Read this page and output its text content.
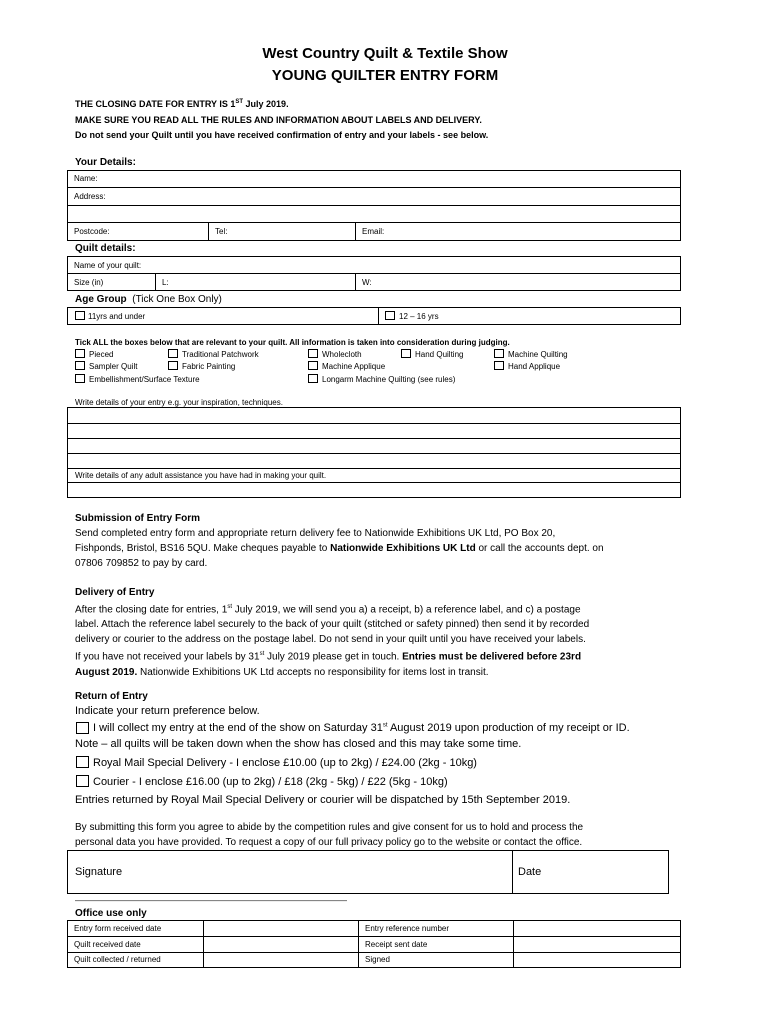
West Country Quilt & Textile Show
YOUNG QUILTER ENTRY FORM
THE CLOSING DATE FOR ENTRY IS 1ST July 2019.
MAKE SURE YOU READ ALL THE RULES AND INFORMATION ABOUT LABELS AND DELIVERY.
Do not send your Quilt until you have received confirmation of entry and your labels - see below.
Your Details:
Name:
Address:
Postcode:	Tel:	Email:
Quilt details:
Name of your quilt:
Size (in)	L:	W:
Age Group (Tick One Box Only)
11yrs and under	12 – 16 yrs
Tick ALL the boxes below that are relevant to your quilt. All information is taken into consideration during judging.
Pieced	Traditional Patchwork	Wholecloth	Hand Quilting	Machine Quilting
Sampler Quilt	Fabric Painting	Machine Applique	Hand Applique
Embellishment/Surface Texture	Longarm Machine Quilting (see rules)
Write details of your entry e.g. your inspiration, techniques.
Write details of any adult assistance you have had in making your quilt.
Submission of Entry Form
Send completed entry form and appropriate return delivery fee to Nationwide Exhibitions UK Ltd, PO Box 20,
Fishponds, Bristol, BS16 5QU. Make cheques payable to Nationwide Exhibitions UK Ltd or call the accounts dept. on
07806 709852 to pay by card.
Delivery of Entry
After the closing date for entries, 1st July 2019, we will send you a) a receipt, b) a reference label, and c) a postage
label. Attach the reference label securely to the back of your quilt (stitched or safety pinned) then send it by recorded
delivery or courier to the address on the postage label. Do not send in your quilt until you have received your labels.
If you have not received your labels by 31st July 2019 please get in touch. Entries must be delivered before 23rd
August 2019. Nationwide Exhibitions UK Ltd accepts no responsibility for items lost in transit.
Return of Entry
Indicate your return preference below.
I will collect my entry at the end of the show on Saturday 31st August 2019 upon production of my receipt or ID.
Note – all quilts will be taken down when the show has closed and this may take some time.
Royal Mail Special Delivery - I enclose £10.00 (up to 2kg) / £24.00 (2kg - 10kg)
Courier - I enclose £16.00 (up to 2kg) / £18 (2kg - 5kg) / £22 (5kg - 10kg)
Entries returned by Royal Mail Special Delivery or courier will be dispatched by 15th September 2019.
By submitting this form you agree to abide by the competition rules and give consent for us to hold and process the
personal data you have provided. To request a copy of our full privacy policy go to the website or contact the office.
Signature	Date
——————————————————————————————————
Office use only
Entry form received date	Entry reference number
Quilt received date	Receipt sent date
Quilt collected / returned	Signed
